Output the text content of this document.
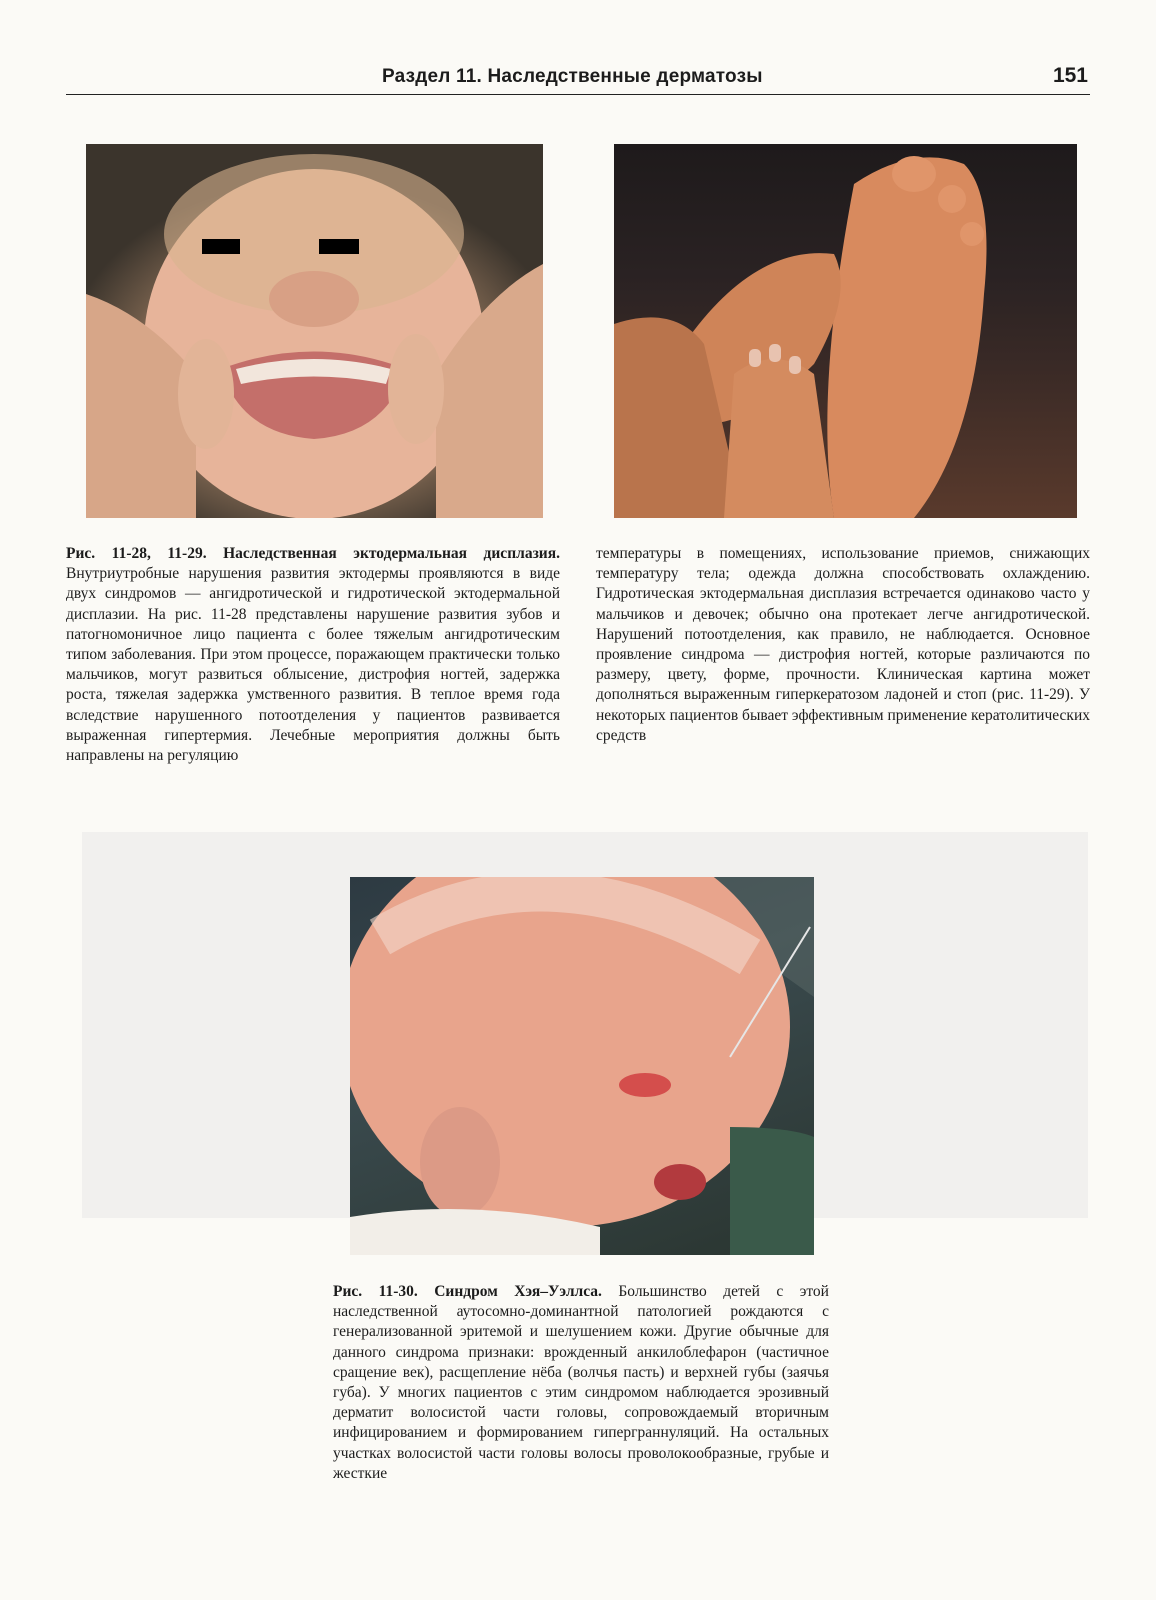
Раздел 11. Наследственные дерматозы	151
Рис. 11-28, 11-29. Наследственная эктодермальная дисплазия. Внутриутробные нарушения развития эктодермы проявляются в виде двух синдромов — ангидротической и гидротической эктодермальной дисплазии. На рис. 11-28 представлены нарушение развития зубов и патогномоничное лицо пациента с более тяжелым ангидротическим типом заболевания. При этом процессе, поражающем практически только мальчиков, могут развиться облысение, дистрофия ногтей, задержка роста, тяжелая задержка умственного развития. В теплое время года вследствие нарушенного потоотделения у пациентов развивается выраженная гипертермия. Лечебные мероприятия должны быть направлены на регуляцию
температуры в помещениях, использование приемов, снижающих температуру тела; одежда должна способствовать охлаждению. Гидротическая эктодермальная дисплазия встречается одинаково часто у мальчиков и девочек; обычно она протекает легче ангидротической. Нарушений потоотделения, как правило, не наблюдается. Основное проявление синдрома — дистрофия ногтей, которые различаются по размеру, цвету, форме, прочности. Клиническая картина может дополняться выраженным гиперкератозом ладоней и стоп (рис. 11-29). У некоторых пациентов бывает эффективным применение кератолитических средств
Рис. 11-30. Синдром Хэя–Уэллса. Большинство детей с этой наследственной аутосомно-доминантной патологией рождаются с генерализованной эритемой и шелушением кожи. Другие обычные для данного синдрома признаки: врожденный анкилоблефарон (частичное сращение век), расщепление нёба (волчья пасть) и верхней губы (заячья губа). У многих пациентов с этим синдромом наблюдается эрозивный дерматит волосистой части головы, сопровождаемый вторичным инфицированием и формированием гиперграннуляций. На остальных участках волосистой части головы волосы проволокообразные, грубые и жесткие
